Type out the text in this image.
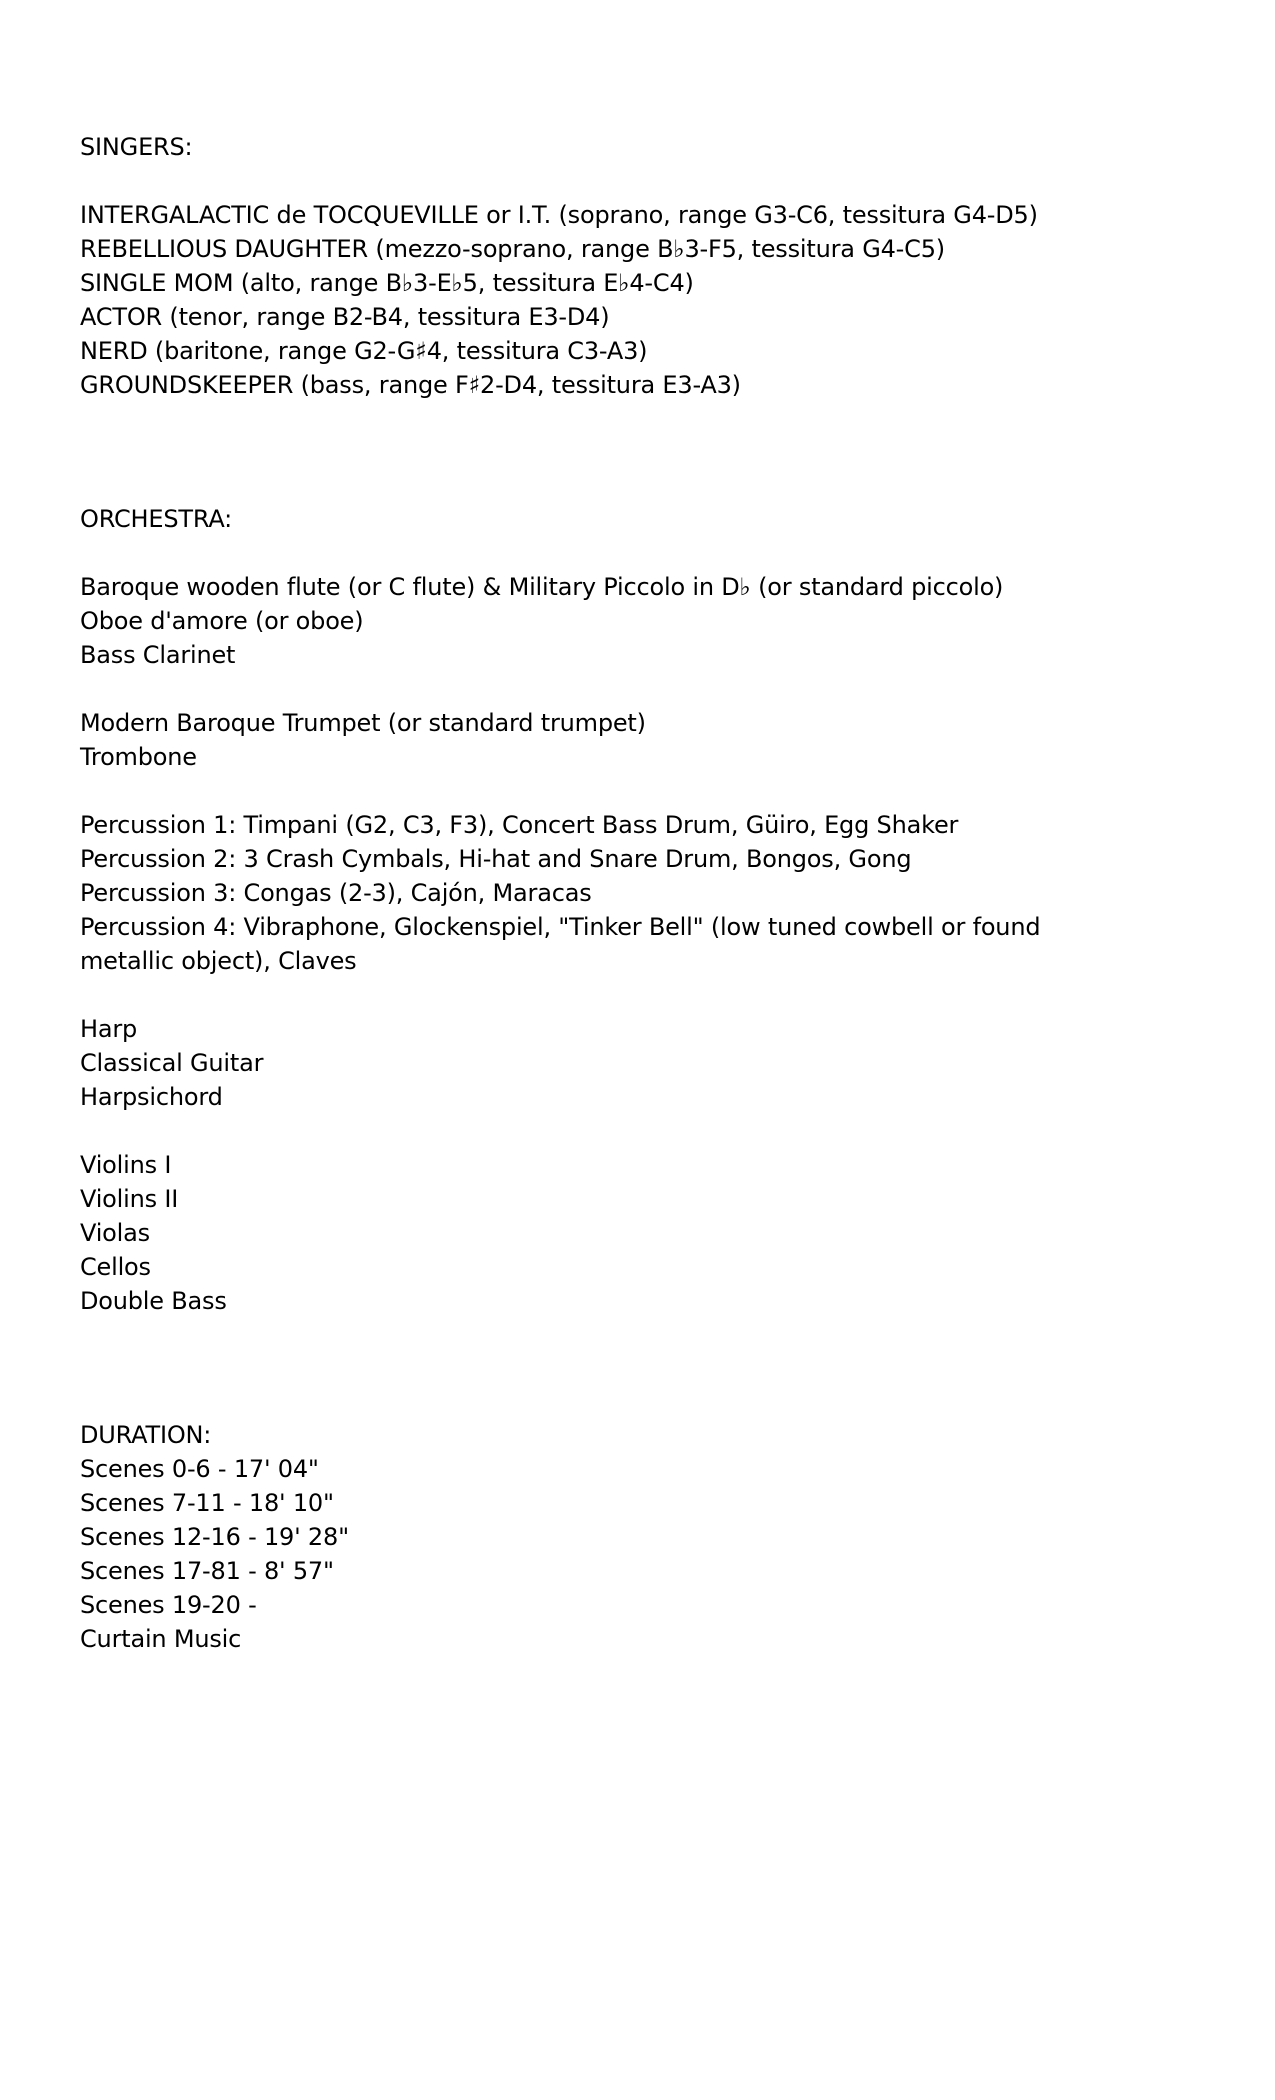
SINGERS:
INTERGALACTIC de TOCQUEVILLE or I.T. (soprano, range G3-C6, tessitura G4-D5)
REBELLIOUS DAUGHTER (mezzo-soprano, range B♭3-F5, tessitura G4-C5)
SINGLE MOM (alto, range B♭3-E♭5, tessitura E♭4-C4)
ACTOR (tenor, range B2-B4, tessitura E3-D4)
NERD (baritone, range G2-G♯4, tessitura C3-A3)
GROUNDSKEEPER (bass, range F♯2-D4, tessitura E3-A3)
ORCHESTRA:
Baroque wooden flute (or C flute) & Military Piccolo in D♭ (or standard piccolo)
Oboe d'amore (or oboe)
Bass Clarinet
Modern Baroque Trumpet (or standard trumpet)
Trombone
Percussion 1: Timpani (G2, C3, F3), Concert Bass Drum, Güiro, Egg Shaker
Percussion 2: 3 Crash Cymbals, Hi-hat and Snare Drum, Bongos, Gong
Percussion 3: Congas (2-3), Cajón, Maracas
Percussion 4: Vibraphone, Glockenspiel, "Tinker Bell" (low tuned cowbell or found metallic object), Claves
Harp
Classical Guitar
Harpsichord
Violins I
Violins II
Violas
Cellos
Double Bass
DURATION:
Scenes 0-6 - 17' 04"
Scenes 7-11 - 18' 10"
Scenes 12-16 - 19' 28"
Scenes 17-81 - 8' 57"
Scenes 19-20 -
Curtain Music
